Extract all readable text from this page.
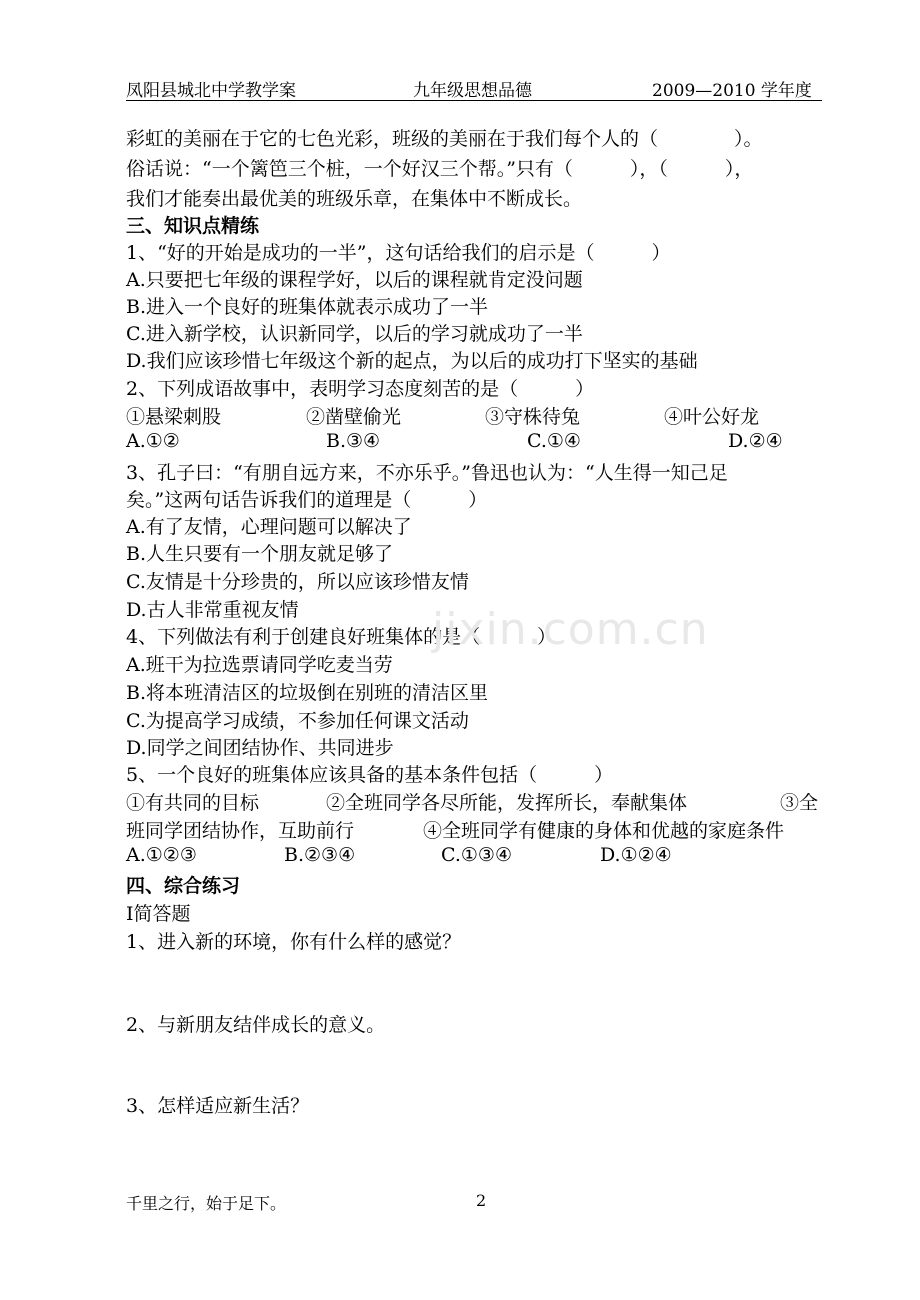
凤阳县城北中学教学案	九年级思想品德	2009—2010 学年度
彩虹的美丽在于它的七色光彩，班级的美丽在于我们每个人的（　　　　）。
俗话说：“一个篱笆三个桩，一个好汉三个帮。”只有（　　　），（　　　），
我们才能奏出最优美的班级乐章，在集体中不断成长。
三、知识点精练
1、“好的开始是成功的一半”，这句话给我们的启示是（　　　）
A.只要把七年级的课程学好，以后的课程就肯定没问题
B.进入一个良好的班集体就表示成功了一半
C.进入新学校，认识新同学，以后的学习就成功了一半
D.我们应该珍惜七年级这个新的起点，为以后的成功打下坚实的基础
2、下列成语故事中，表明学习态度刻苦的是（　　　）
①悬梁刺股	②凿壁偷光	③守株待兔	④叶公好龙
A.①②	B.③④	C.①④	D.②④
3、孔子曰：“有朋自远方来，不亦乐乎。”鲁迅也认为：“人生得一知己足
矣。”这两句话告诉我们的道理是（　　　）
A.有了友情，心理问题可以解决了
B.人生只要有一个朋友就足够了
C.友情是十分珍贵的，所以应该珍惜友情
D.古人非常重视友情
4、下列做法有利于创建良好班集体的是（　　　）
A.班干为拉选票请同学吃麦当劳
B.将本班清洁区的垃圾倒在别班的清洁区里
C.为提高学习成绩，不参加任何课文活动
D.同学之间团结协作、共同进步
5、一个良好的班集体应该具备的基本条件包括（　　　）
①有共同的目标	②全班同学各尽所能，发挥所长，奉献集体	③全
班同学团结协作，互助前行	④全班同学有健康的身体和优越的家庭条件
A.①②③	B.②③④	C.①③④	D.①②④
四、综合练习
Ⅰ简答题
1、进入新的环境，你有什么样的感觉？
2、与新朋友结伴成长的意义。
3、怎样适应新生活？
jixin.com.cn
千里之行，始于足下。	2
